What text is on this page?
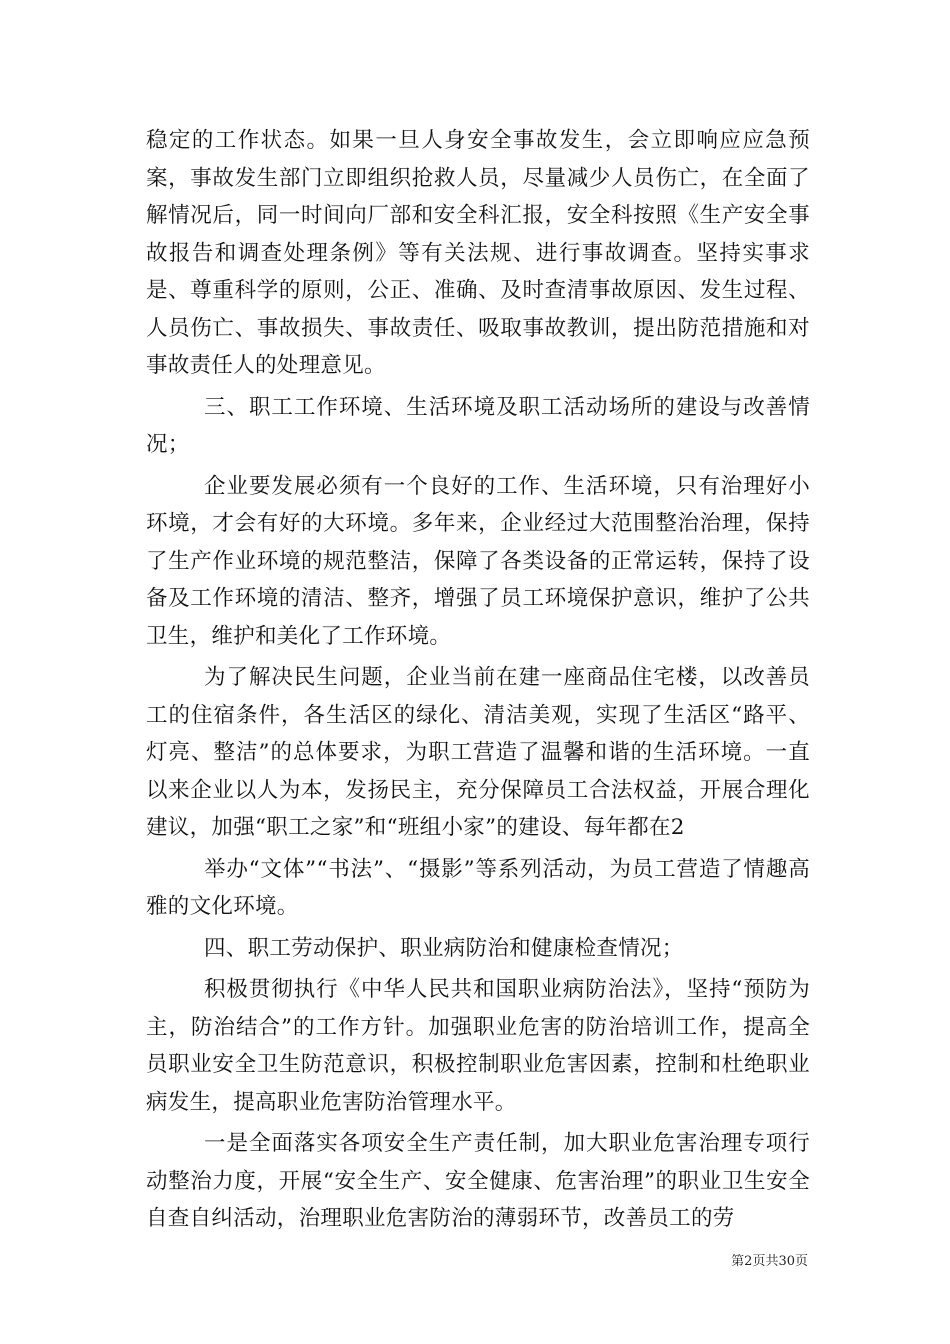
稳定的工作状态。如果一旦人身安全事故发生，会立即响应应急预案，事故发生部门立即组织抢救人员，尽量减少人员伤亡，在全面了解情况后，同一时间向厂部和安全科汇报，安全科按照《生产安全事故报告和调查处理条例》等有关法规、进行事故调查。坚持实事求是、尊重科学的原则，公正、准确、及时查清事故原因、发生过程、人员伤亡、事故损失、事故责任、吸取事故教训，提出防范措施和对事故责任人的处理意见。

三、职工工作环境、生活环境及职工活动场所的建设与改善情况；

企业要发展必须有一个良好的工作、生活环境，只有治理好小环境，才会有好的大环境。多年来，企业经过大范围整治治理，保持了生产作业环境的规范整洁，保障了各类设备的正常运转，保持了设备及工作环境的清洁、整齐，增强了员工环境保护意识，维护了公共卫生，维护和美化了工作环境。

为了解决民生问题，企业当前在建一座商品住宅楼，以改善员工的住宿条件，各生活区的绿化、清洁美观，实现了生活区“路平、灯亮、整洁”的总体要求，为职工营造了温馨和谐的生活环境。一直以来企业以人为本，发扬民主，充分保障员工合法权益，开展合理化建议，加强“职工之家”和“班组小家”的建设、每年都在2

举办“文体”“书法”、“摄影”等系列活动，为员工营造了情趣高雅的文化环境。

四、职工劳动保护、职业病防治和健康检查情况；

积极贯彻执行《中华人民共和国职业病防治法》，坚持“预防为主，防治结合”的工作方针。加强职业危害的防治培训工作，提高全员职业安全卫生防范意识，积极控制职业危害因素，控制和杜绝职业病发生，提高职业危害防治管理水平。

一是全面落实各项安全生产责任制，加大职业危害治理专项行动整治力度，开展“安全生产、安全健康、危害治理”的职业卫生安全自查自纠活动，治理职业危害防治的薄弱环节，改善员工的劳

第2页共30页
